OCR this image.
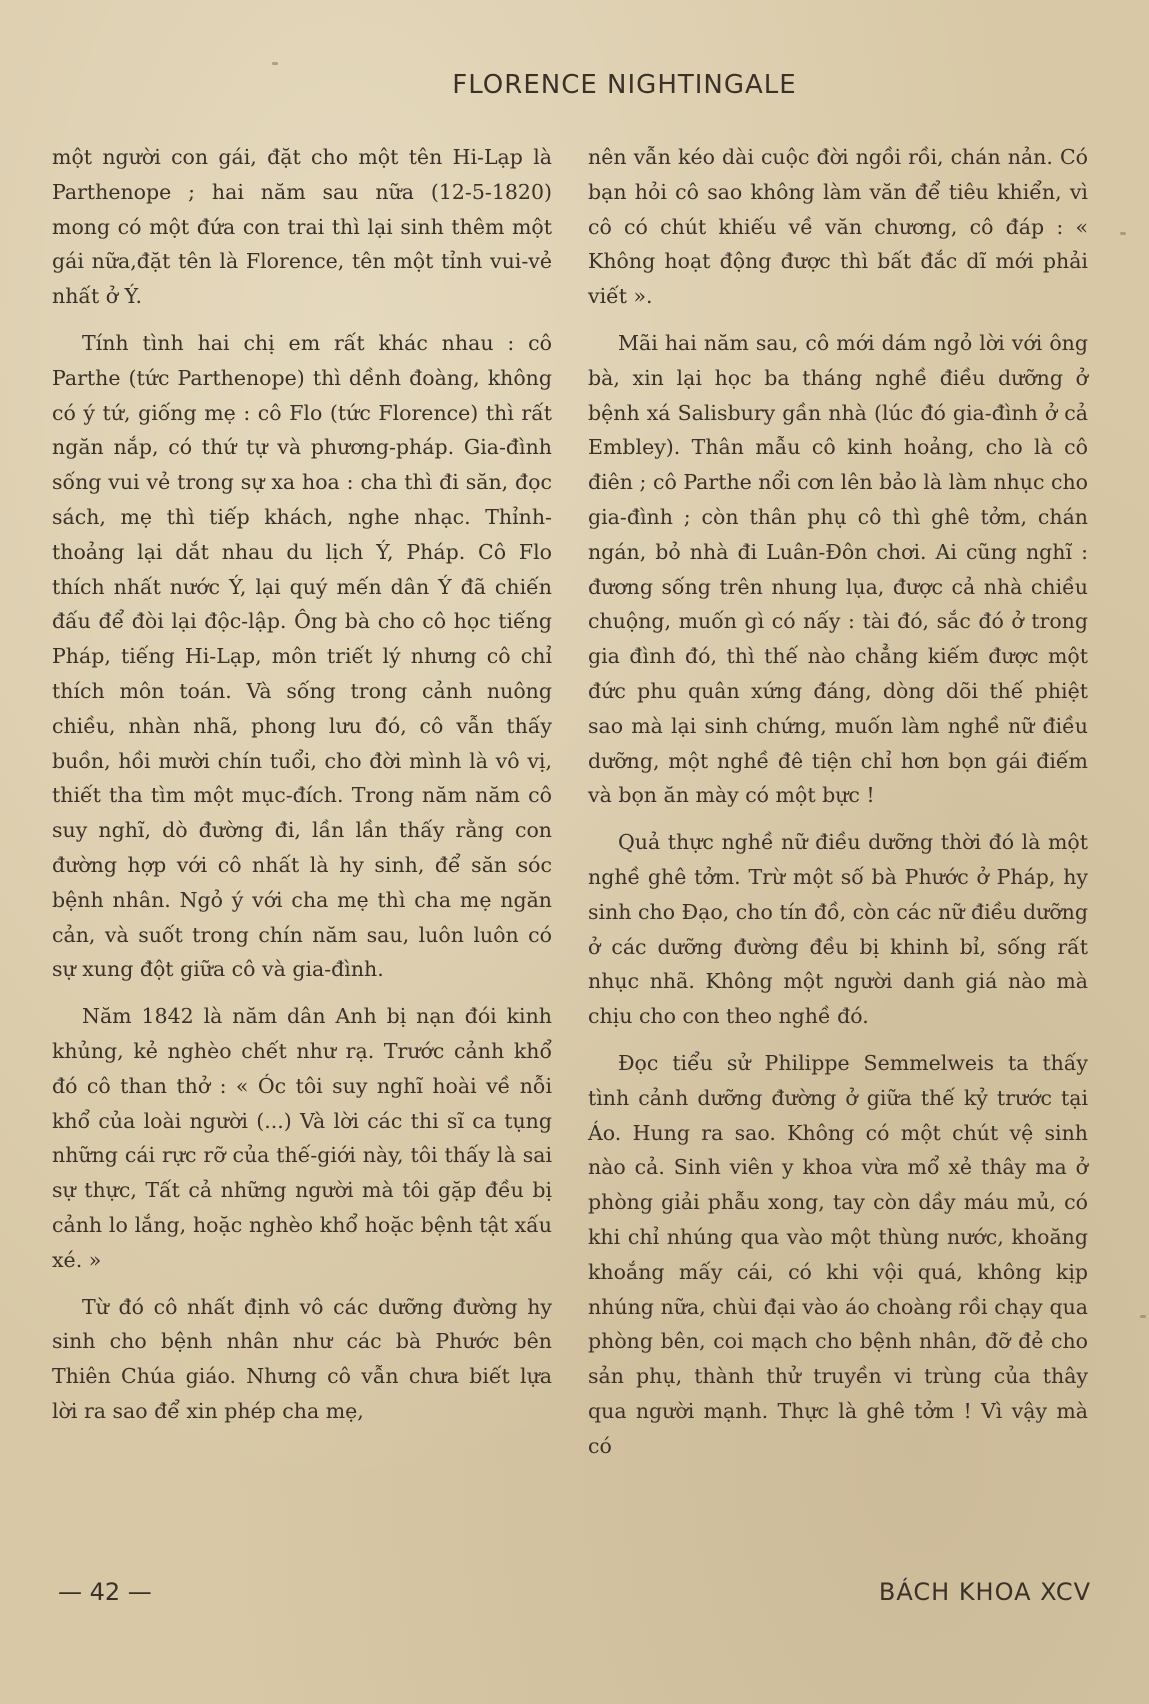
FLORENCE NIGHTINGALE

một người con gái, đặt cho một tên Hi-Lạp là Parthenope ; hai năm sau nữa (12-5-1820) mong có một đứa con trai thì lại sinh thêm một gái nữa,đặt tên là Florence, tên một tỉnh vui-vẻ nhất ở Ý.

Tính tình hai chị em rất khác nhau : cô Parthe (tức Parthenope) thì dềnh đoàng, không có ý tứ, giống mẹ : cô Flo (tức Florence) thì rất ngăn nắp, có thứ tự và phương-pháp. Gia-đình sống vui vẻ trong sự xa hoa : cha thì đi săn, đọc sách, mẹ thì tiếp khách, nghe nhạc. Thỉnh-thoảng lại dắt nhau du lịch Ý, Pháp. Cô Flo thích nhất nước Ý, lại quý mến dân Ý đã chiến đấu để đòi lại độc-lập. Ông bà cho cô học tiếng Pháp, tiếng Hi-Lạp, môn triết lý nhưng cô chỉ thích môn toán. Và sống trong cảnh nuông chiều, nhàn nhã, phong lưu đó, cô vẫn thấy buồn, hồi mười chín tuổi, cho đời mình là vô vị, thiết tha tìm một mục-đích. Trong năm năm cô suy nghĩ, dò đường đi, lần lần thấy rằng con đường hợp với cô nhất là hy sinh, để săn sóc bệnh nhân. Ngỏ ý với cha mẹ thì cha mẹ ngăn cản, và suốt trong chín năm sau, luôn luôn có sự xung đột giữa cô và gia-đình.

Năm 1842 là năm dân Anh bị nạn đói kinh khủng, kẻ nghèo chết như rạ. Trước cảnh khổ đó cô than thở : « Óc tôi suy nghĩ hoài về nỗi khổ của loài người (...) Và lời các thi sĩ ca tụng những cái rực rỡ của thế-giới này, tôi thấy là sai sự thực, Tất cả những người mà tôi gặp đều bị cảnh lo lắng, hoặc nghèo khổ hoặc bệnh tật xấu xé. »

Từ đó cô nhất định vô các dưỡng đường hy sinh cho bệnh nhân như các bà Phước bên Thiên Chúa giáo. Nhưng cô vẫn chưa biết lựa lời ra sao để xin phép cha mẹ,

nên vẫn kéo dài cuộc đời ngồi rồi, chán nản. Có bạn hỏi cô sao không làm văn để tiêu khiển, vì cô có chút khiếu về văn chương, cô đáp : « Không hoạt động được thì bất đắc dĩ mới phải viết ».

Mãi hai năm sau, cô mới dám ngỏ lời với ông bà, xin lại học ba tháng nghề điều dưỡng ở bệnh xá Salisbury gần nhà (lúc đó gia-đình ở cả Embley). Thân mẫu cô kinh hoảng, cho là cô điên ; cô Parthe nổi cơn lên bảo là làm nhục cho gia-đình ; còn thân phụ cô thì ghê tởm, chán ngán, bỏ nhà đi Luân-Đôn chơi. Ai cũng nghĩ : đương sống trên nhung lụa, được cả nhà chiều chuộng, muốn gì có nấy : tài đó, sắc đó ở trong gia đình đó, thì thế nào chẳng kiếm được một đức phu quân xứng đáng, dòng dõi thế phiệt sao mà lại sinh chứng, muốn làm nghề nữ điều dưỡng, một nghề đê tiện chỉ hơn bọn gái điếm và bọn ăn mày có một bực !

Quả thực nghề nữ điều dưỡng thời đó là một nghề ghê tởm. Trừ một số bà Phước ở Pháp, hy sinh cho Đạo, cho tín đồ, còn các nữ điều dưỡng ở các dưỡng đường đều bị khinh bỉ, sống rất nhục nhã. Không một người danh giá nào mà chịu cho con theo nghề đó.

Đọc tiểu sử Philippe Semmelweis ta thấy tình cảnh dưỡng đường ở giữa thế kỷ trước tại Áo. Hung ra sao. Không có một chút vệ sinh nào cả. Sinh viên y khoa vừa mổ xẻ thây ma ở phòng giải phẫu xong, tay còn dầy máu mủ, có khi chỉ nhúng qua vào một thùng nước, khoăng khoắng mấy cái, có khi vội quá, không kịp nhúng nữa, chùi đại vào áo choàng rồi chạy qua phòng bên, coi mạch cho bệnh nhân, đỡ đẻ cho sản phụ, thành thử truyền vi trùng của thây qua người mạnh. Thực là ghê tởm ! Vì vậy mà có

— 42 —	BÁCH KHOA XCV
